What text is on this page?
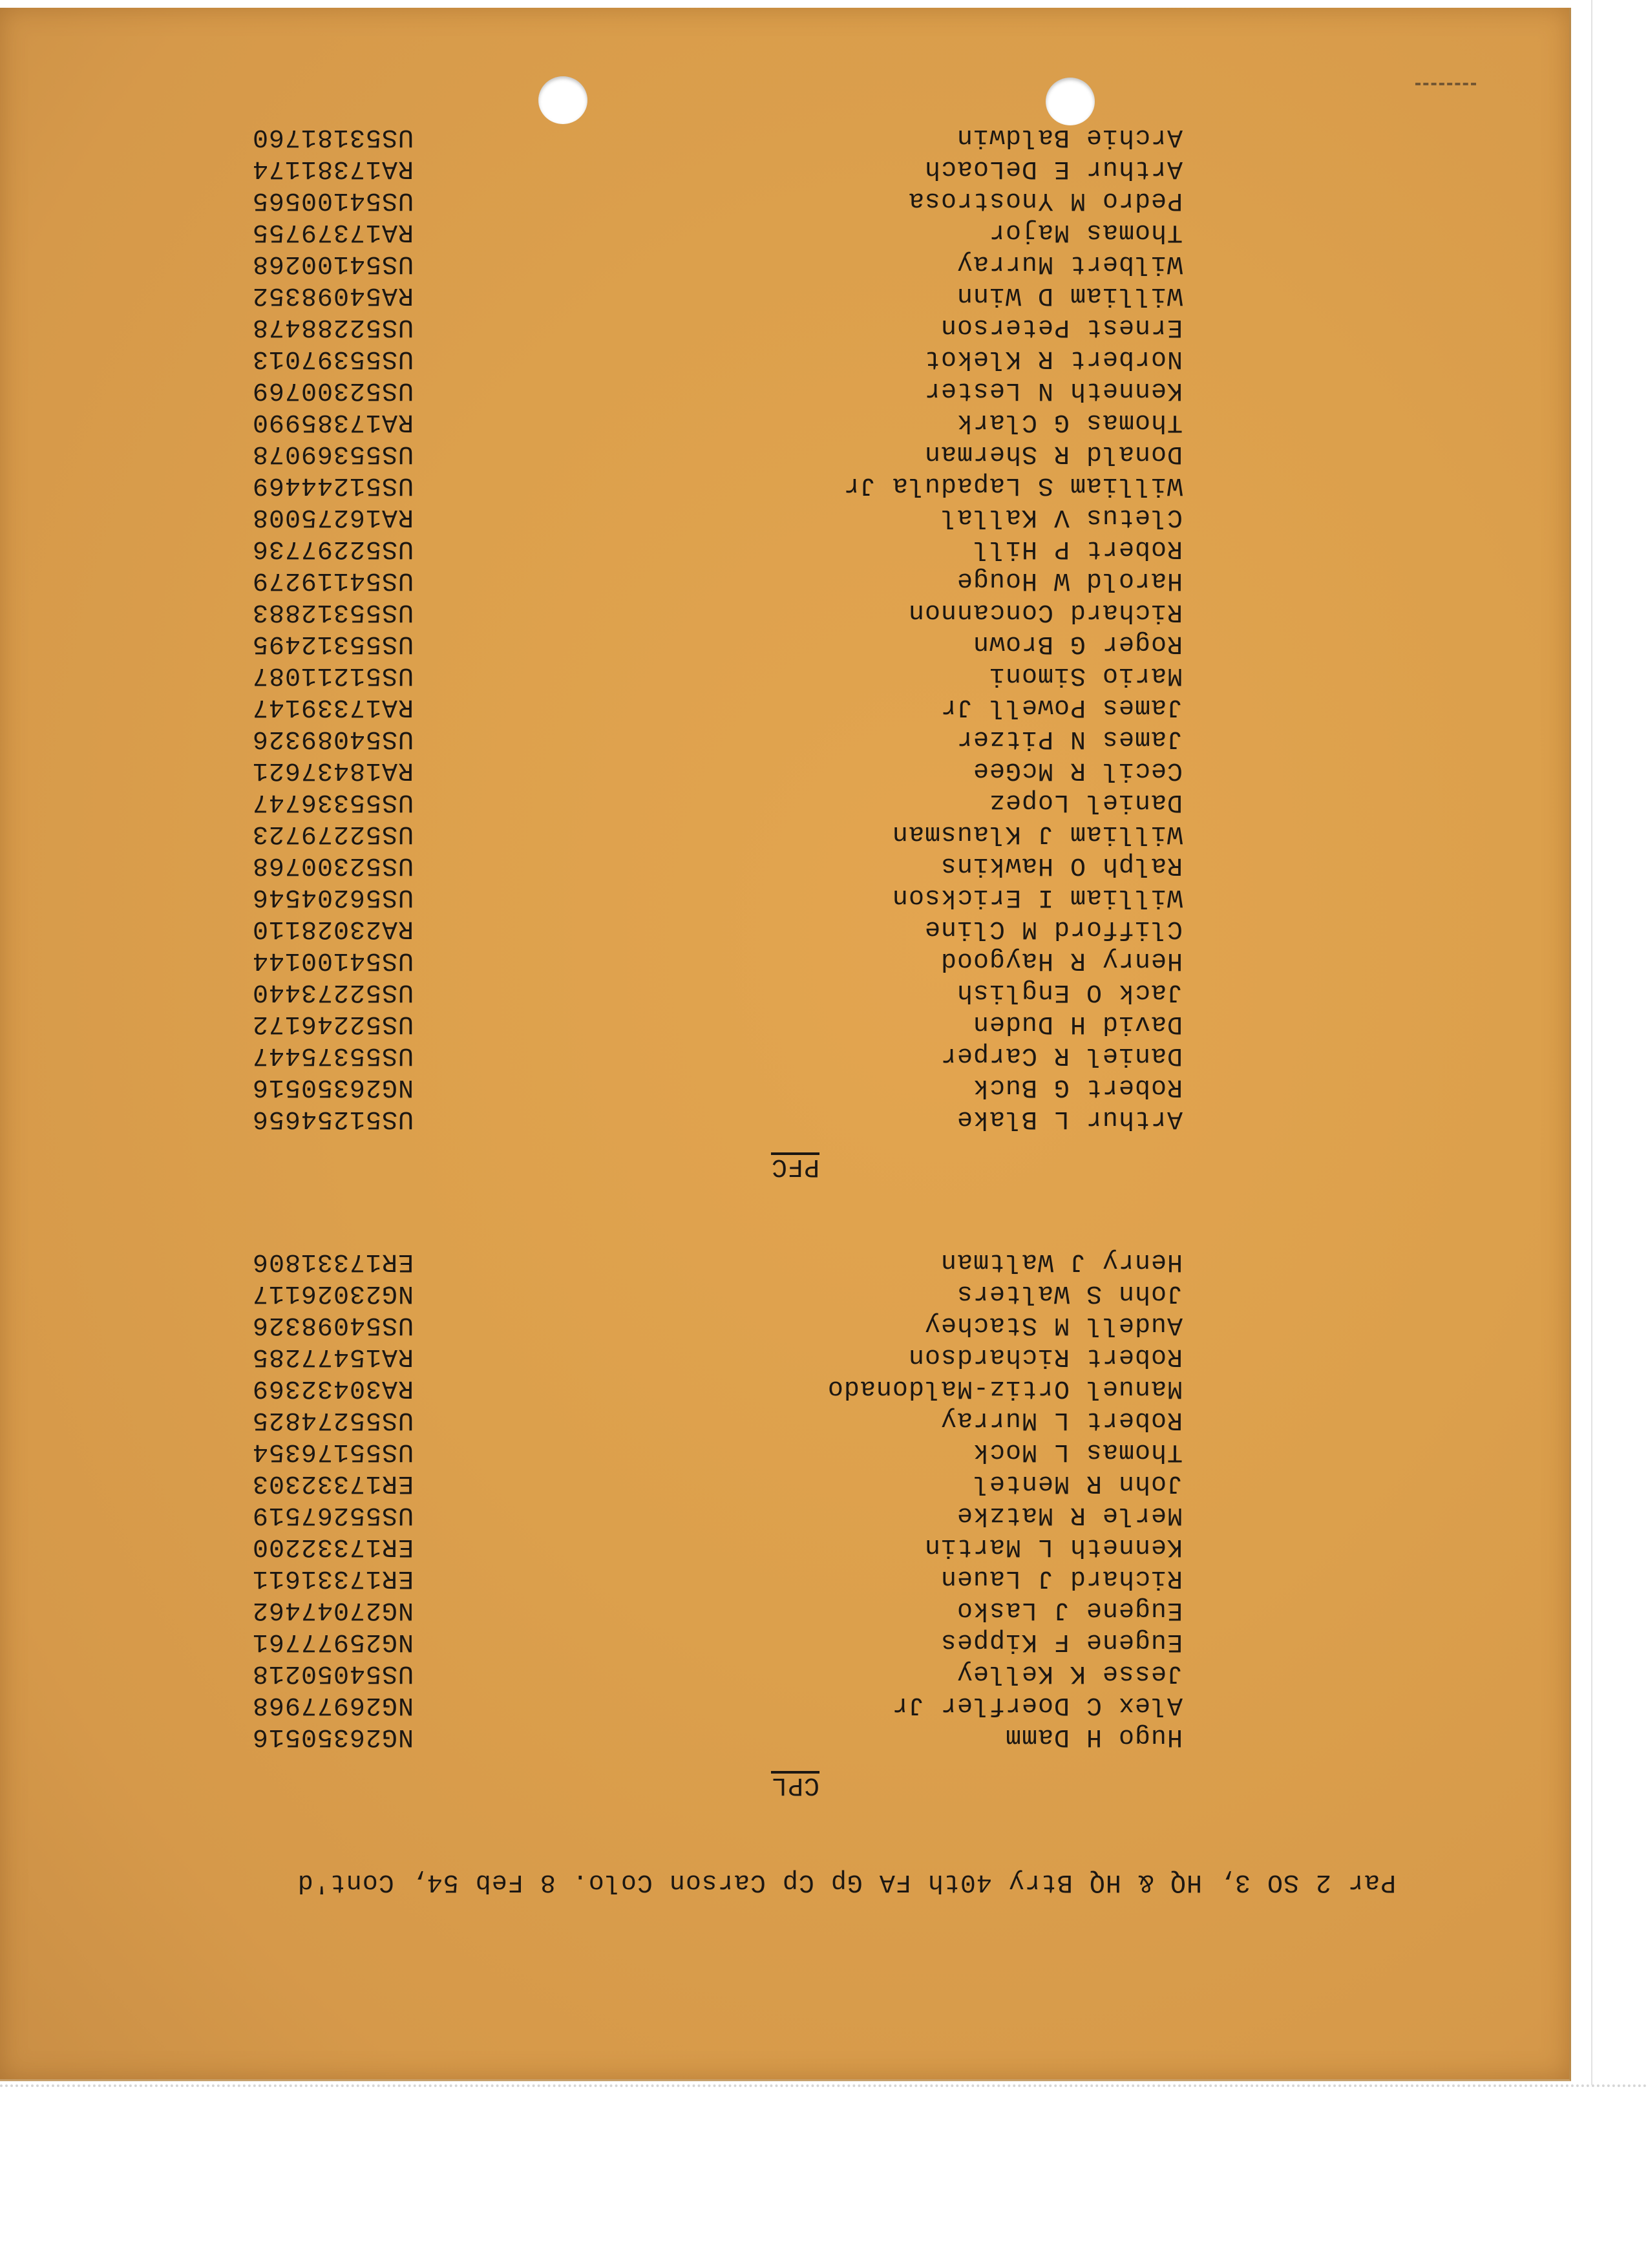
Par 2 SO 3, HQ & HQ Btry 40th FA Gp Cp Carson Colo. 8 Feb 54, Cont'd
CPL
Hugo H Damm
NG26350516
Alex C Doerfler Jr
NG26977968
Jesse K Kelley
US54050218
Eugene F Kippes
NG25977761
Eugene J Lasko
NG27047462
Richard J Lauen
ER17331611
Kenneth L Martin
ER17332200
Merle R Matzke
US55267519
John R Mentel
ER17332303
Thomas L Mock
US55176354
Robert L Murray
US55274825
Manuel Ortiz-Maldonado
RA30432369
Robert Richardson
RA15477285
Audell M Stachey
US54098326
John S Walters
NG23026117
Henry J Waltman
ER17331806
PFC
Arthur L Blake
US51254656
Robert G Buck
NG26350516
Daniel R Carper
US55375447
David H Duden
US52246172
Jack O English
US52273440
Henry R Haygood
US54100144
Clifford M Cline
RA23028110
William I Erickson
US56204546
Ralph O Hawkins
US52300768
William J Klausman
US52279723
Daniel Lopez
US55336747
Cecil R McGee
RA18437621
James N Pitzer
US54089326
James Powell Jr
RA17339147
Mario Simoni
US51211087
Roger G Brown
US55312495
Richard Concannon
US55312883
Harold W Houge
US54119279
Robert P Hill
US52297736
Cletus V Kallal
RA16275008
William S Lapadula Jr
US51244469
Donald R Sherman
US55369078
Thomas G Clark
RA17385990
Kenneth N Lester
US52300769
Norbert R Klekot
US55397013
Ernest Peterson
US52288478
William D Winn
RA54098352
Wilbert Murray
US54100268
Thomas Major
RA17379755
Pedro M Ynostrosa
US54100565
Arthur E DeLoach
RA17381174
Archie Baldwin
US53181760
